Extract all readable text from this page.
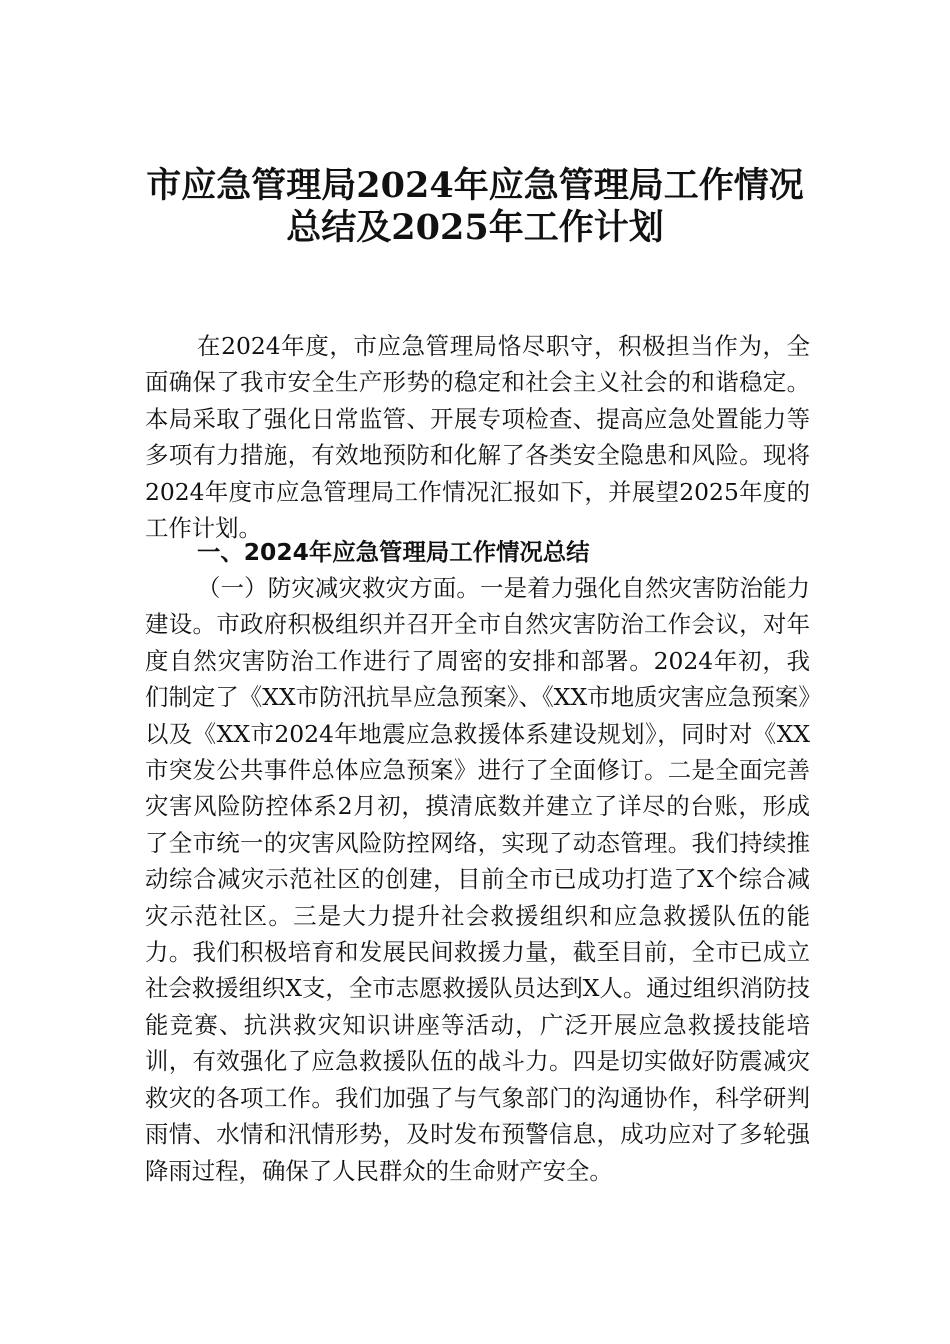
市应急管理局2024年应急管理局工作情况
总结及2025年工作计划

在2024年度，市应急管理局恪尽职守，积极担当作为，全面确保了我市安全生产形势的稳定和社会主义社会的和谐稳定。本局采取了强化日常监管、开展专项检查、提高应急处置能力等多项有力措施，有效地预防和化解了各类安全隐患和风险。现将2024年度市应急管理局工作情况汇报如下，并展望2025年度的工作计划。

一、2024年应急管理局工作情况总结

（一）防灾减灾救灾方面。一是着力强化自然灾害防治能力建设。市政府积极组织并召开全市自然灾害防治工作会议，对年度自然灾害防治工作进行了周密的安排和部署。2024年初，我们制定了《XX市防汛抗旱应急预案》、《XX市地质灾害应急预案》以及《XX市2024年地震应急救援体系建设规划》，同时对《XX市突发公共事件总体应急预案》进行了全面修订。二是全面完善灾害风险防控体系2月初，摸清底数并建立了详尽的台账，形成了全市统一的灾害风险防控网络，实现了动态管理。我们持续推动综合减灾示范社区的创建，目前全市已成功打造了X个综合减灾示范社区。三是大力提升社会救援组织和应急救援队伍的能力。我们积极培育和发展民间救援力量，截至目前，全市已成立社会救援组织X支，全市志愿救援队员达到X人。通过组织消防技能竞赛、抗洪救灾知识讲座等活动，广泛开展应急救援技能培训，有效强化了应急救援队伍的战斗力。四是切实做好防震减灾救灾的各项工作。我们加强了与气象部门的沟通协作，科学研判雨情、水情和汛情形势，及时发布预警信息，成功应对了多轮强降雨过程，确保了人民群众的生命财产安全。
